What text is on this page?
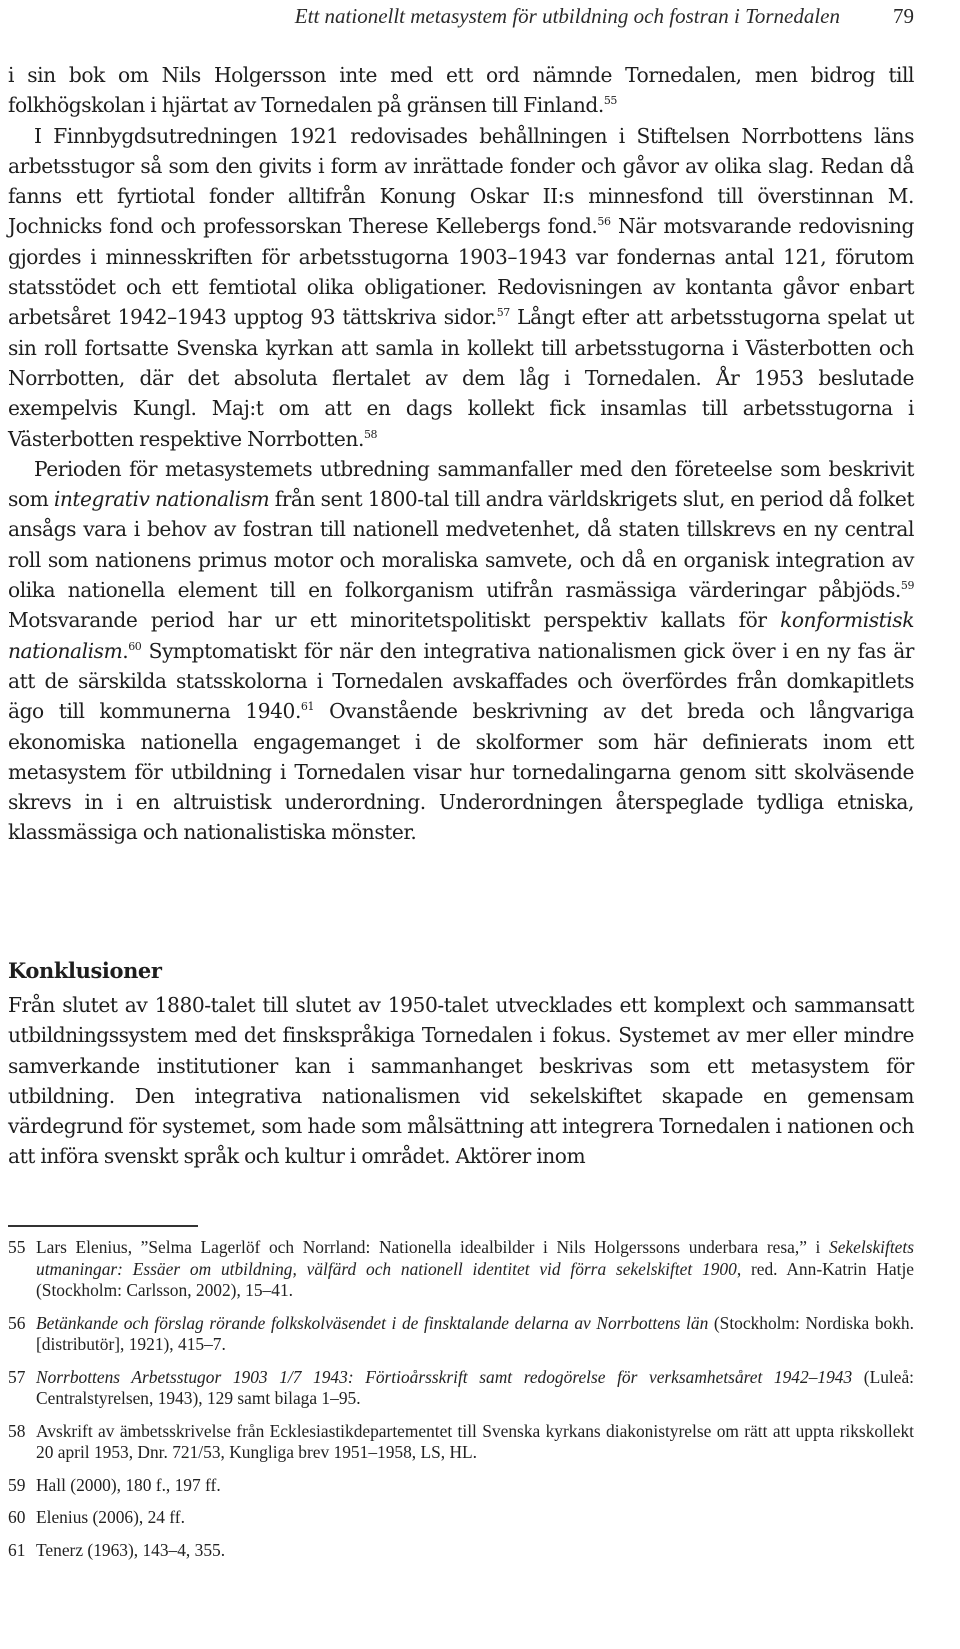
Ett nationellt metasystem för utbildning och fostran i Tornedalen	79

i sin bok om Nils Holgersson inte med ett ord nämnde Tornedalen, men bidrog till folkhögskolan i hjärtat av Tornedalen på gränsen till Finland.$^{55}$

I Finnbygdsutredningen 1921 redovisades behållningen i Stiftelsen Norrbottens läns arbetsstugor så som den givits i form av inrättade fonder och gåvor av olika slag. Redan då fanns ett fyrtiotal fonder alltifrån Konung Oskar II:s minnesfond till överstinnan M. Jochnicks fond och professorskan Therese Kellebergs fond.$^{56}$ När motsvarande redovisning gjordes i minnesskriften för arbetsstugorna 1903–1943 var fondernas antal 121, förutom statsstödet och ett femtiotal olika obligationer. Redovisningen av kontanta gåvor enbart arbetsåret 1942–1943 upptog 93 tättskriva sidor.$^{57}$ Långt efter att arbetsstugorna spelat ut sin roll fortsatte Svenska kyrkan att samla in kollekt till arbetsstugorna i Västerbotten och Norrbotten, där det absoluta flertalet av dem låg i Tornedalen. År 1953 beslutade exempelvis Kungl. Maj:t om att en dags kollekt fick insamlas till arbetsstugorna i Västerbotten respektive Norrbotten.$^{58}$

Perioden för metasystemets utbredning sammanfaller med den företeelse som beskrivit som integrativ nationalism från sent 1800-tal till andra världskrigets slut, en period då folket ansågs vara i behov av fostran till nationell medvetenhet, då staten tillskrevs en ny central roll som nationens primus motor och moraliska samvete, och då en organisk integration av olika nationella element till en folkorganism utifrån rasmässiga värderingar påbjöds.$^{59}$ Motsvarande period har ur ett minoritetspolitiskt perspektiv kallats för konformistisk nationalism.$^{60}$ Symptomatiskt för när den integrativa nationalismen gick över i en ny fas är att de särskilda statsskolorna i Tornedalen avskaffades och överfördes från domkapitlets ägo till kommunerna 1940.61 Ovanstående beskrivning av det breda och långvariga ekonomiska nationella engagemanget i de skolformer som här definierats inom ett metasystem för utbildning i Tornedalen visar hur tornedalingarna genom sitt skolväsende skrevs in i en altruistisk underordning. Underordningen återspeglade tydliga etniska, klassmässiga och nationalistiska mönster.

Konklusioner

Från slutet av 1880-talet till slutet av 1950-talet utvecklades ett komplext och sammansatt utbildningssystem med det finskspråkiga Tornedalen i fokus. Systemet av mer eller mindre samverkande institutioner kan i sammanhanget beskrivas som ett metasystem för utbildning. Den integrativa nationalismen vid sekelskiftet skapade en gemensam värdegrund för systemet, som hade som målsättning att integrera Tornedalen i nationen och att införa svenskt språk och kultur i området. Aktörer inom

55 Lars Elenius, ”Selma Lagerlöf och Norrland: Nationella idealbilder i Nils Holgerssons underbara resa,” i Sekelskiftets utmaningar: Essäer om utbildning, välfärd och nationell identitet vid förra sekelskiftet 1900, red. Ann-Katrin Hatje (Stockholm: Carlsson, 2002), 15–41.
56 Betänkande och förslag rörande folkskolväsendet i de finsktalande delarna av Norrbottens län (Stockholm: Nordiska bokh. [distributör], 1921), 415–7.
57 Norrbottens Arbetsstugor 1903 1/7 1943: Förtioårsskrift samt redogörelse för verksamhetsåret 1942–1943 (Luleå: Centralstyrelsen, 1943), 129 samt bilaga 1–95.
58 Avskrift av ämbetsskrivelse från Ecklesiastikdepartementet till Svenska kyrkans diakonistyrelse om rätt att uppta rikskollekt 20 april 1953, Dnr. 721/53, Kungliga brev 1951–1958, LS, HL.
59 Hall (2000), 180 f., 197 ff.
60 Elenius (2006), 24 ff.
61 Tenerz (1963), 143–4, 355.
